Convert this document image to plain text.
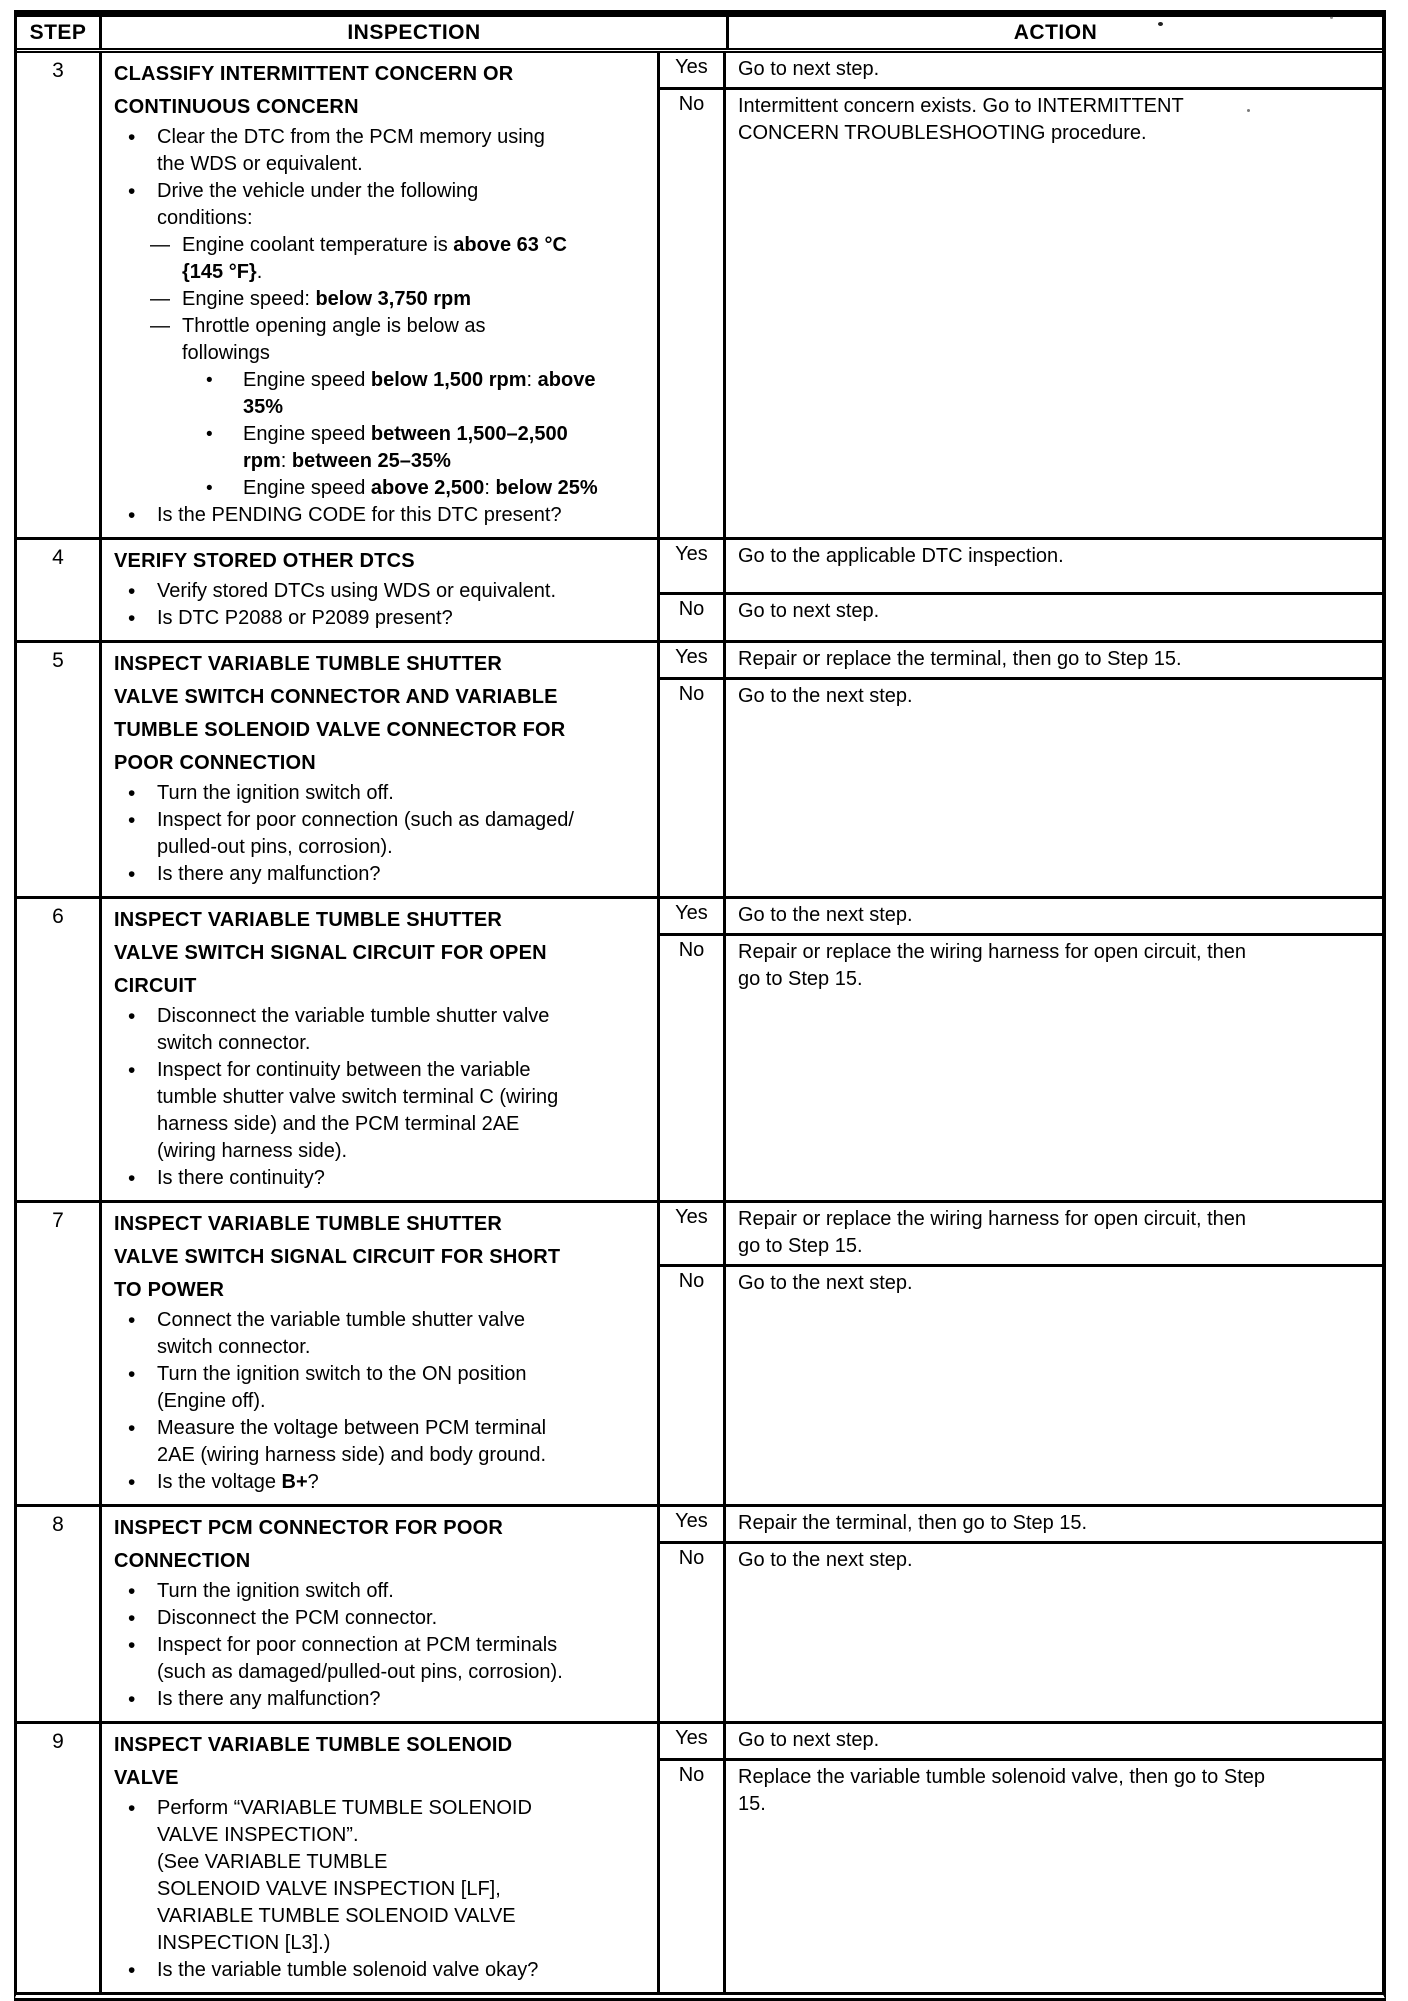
STEP	INSPECTION	ACTION
3	CLASSIFY INTERMITTENT CONCERN OR
CONTINUOUS CONCERN
•	Clear the DTC from the PCM memory using
the WDS or equivalent.
•	Drive the vehicle under the following
conditions:
— Engine coolant temperature is above 63 °C
{145 °F}.
— Engine speed: below 3,750 rpm
— Throttle opening angle is below as
followings
•	Engine speed below 1,500 rpm: above
35%
•	Engine speed between 1,500–2,500
rpm: between 25–35%
•	Engine speed above 2,500: below 25%
•	Is the PENDING CODE for this DTC present?
Yes	Go to next step.
No	Intermittent concern exists. Go to INTERMITTENT
CONCERN TROUBLESHOOTING procedure.
4	VERIFY STORED OTHER DTCS
•	Verify stored DTCs using WDS or equivalent.
•	Is DTC P2088 or P2089 present?
Yes	Go to the applicable DTC inspection.
No	Go to next step.
5	INSPECT VARIABLE TUMBLE SHUTTER
VALVE SWITCH CONNECTOR AND VARIABLE
TUMBLE SOLENOID VALVE CONNECTOR FOR
POOR CONNECTION
•	Turn the ignition switch off.
•	Inspect for poor connection (such as damaged/
pulled-out pins, corrosion).
•	Is there any malfunction?
Yes	Repair or replace the terminal, then go to Step 15.
No	Go to the next step.
6	INSPECT VARIABLE TUMBLE SHUTTER
VALVE SWITCH SIGNAL CIRCUIT FOR OPEN
CIRCUIT
•	Disconnect the variable tumble shutter valve
switch connector.
•	Inspect for continuity between the variable
tumble shutter valve switch terminal C (wiring
harness side) and the PCM terminal 2AE
(wiring harness side).
•	Is there continuity?
Yes	Go to the next step.
No	Repair or replace the wiring harness for open circuit, then
go to Step 15.
7	INSPECT VARIABLE TUMBLE SHUTTER
VALVE SWITCH SIGNAL CIRCUIT FOR SHORT
TO POWER
•	Connect the variable tumble shutter valve
switch connector.
•	Turn the ignition switch to the ON position
(Engine off).
•	Measure the voltage between PCM terminal
2AE (wiring harness side) and body ground.
•	Is the voltage B+?
Yes	Repair or replace the wiring harness for open circuit, then
go to Step 15.
No	Go to the next step.
8	INSPECT PCM CONNECTOR FOR POOR
CONNECTION
•	Turn the ignition switch off.
•	Disconnect the PCM connector.
•	Inspect for poor connection at PCM terminals
(such as damaged/pulled-out pins, corrosion).
•	Is there any malfunction?
Yes	Repair the terminal, then go to Step 15.
No	Go to the next step.
9	INSPECT VARIABLE TUMBLE SOLENOID
VALVE
•	Perform “VARIABLE TUMBLE SOLENOID
VALVE INSPECTION”.
(See VARIABLE TUMBLE
SOLENOID VALVE INSPECTION [LF],
VARIABLE TUMBLE SOLENOID VALVE
INSPECTION [L3].)
•	Is the variable tumble solenoid valve okay?
Yes	Go to next step.
No	Replace the variable tumble solenoid valve, then go to Step
15.
